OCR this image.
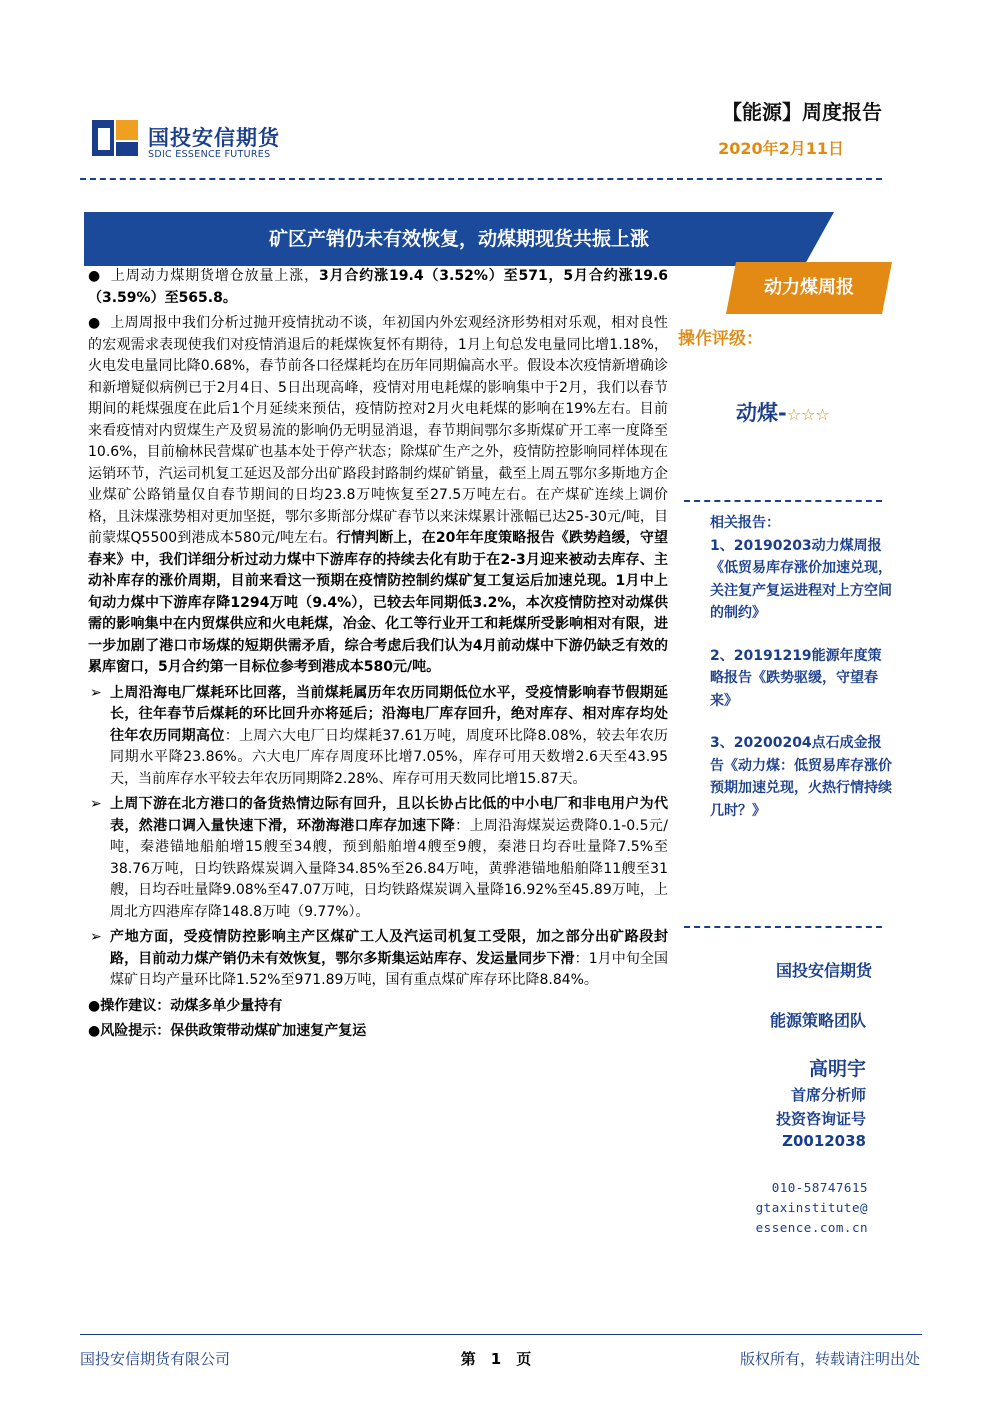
国投安信期货
SDIC ESSENCE FUTURES
【能源】周度报告
2020年2月11日
矿区产销仍未有效恢复，动煤期现货共振上涨
动力煤周报

● 上周动力煤期货增仓放量上涨，3月合约涨19.4（3.52%）至571，5月合约涨19.6（3.59%）至565.8。

● 上周周报中我们分析过抛开疫情扰动不谈，年初国内外宏观经济形势相对乐观，相对良性的宏观需求表现使我们对疫情消退后的耗煤恢复怀有期待，1月上旬总发电量同比增1.18%，火电发电量同比降0.68%，春节前各口径煤耗均在历年同期偏高水平。假设本次疫情新增确诊和新增疑似病例已于2月4日、5日出现高峰，疫情对用电耗煤的影响集中于2月，我们以春节期间的耗煤强度在此后1个月延续来预估，疫情防控对2月火电耗煤的影响在19%左右。目前来看疫情对内贸煤生产及贸易流的影响仍无明显消退，春节期间鄂尔多斯煤矿开工率一度降至10.6%，目前榆林民营煤矿也基本处于停产状态；除煤矿生产之外，疫情防控影响同样体现在运销环节，汽运司机复工延迟及部分出矿路段封路制约煤矿销量，截至上周五鄂尔多斯地方企业煤矿公路销量仅自春节期间的日均23.8万吨恢复至27.5万吨左右。在产煤矿连续上调价格，且沫煤涨势相对更加坚挺，鄂尔多斯部分煤矿春节以来沫煤累计涨幅已达25-30元/吨，目前蒙煤Q5500到港成本580元/吨左右。行情判断上，在20年年度策略报告《跌势趋缓，守望春来》中，我们详细分析过动力煤中下游库存的持续去化有助于在2-3月迎来被动去库存、主动补库存的涨价周期，目前来看这一预期在疫情防控制约煤矿复工复运后加速兑现。1月中上旬动力煤中下游库存降1294万吨（9.4%），已较去年同期低3.2%，本次疫情防控对动煤供需的影响集中在内贸煤供应和火电耗煤，冶金、化工等行业开工和耗煤所受影响相对有限，进一步加剧了港口市场煤的短期供需矛盾，综合考虑后我们认为4月前动煤中下游仍缺乏有效的累库窗口，5月合约第一目标位参考到港成本580元/吨。

➢ 上周沿海电厂煤耗环比回落，当前煤耗属历年农历同期低位水平，受疫情影响春节假期延长，往年春节后煤耗的环比回升亦将延后；沿海电厂库存回升，绝对库存、相对库存均处往年农历同期高位：上周六大电厂日均煤耗37.61万吨，周度环比降8.08%，较去年农历同期水平降23.86%。六大电厂库存周度环比增7.05%，库存可用天数增2.6天至43.95天，当前库存水平较去年农历同期降2.28%、库存可用天数同比增15.87天。
➢ 上周下游在北方港口的备货热情边际有回升，且以长协占比低的中小电厂和非电用户为代表，然港口调入量快速下滑，环渤海港口库存加速下降：上周沿海煤炭运费降0.1-0.5元/吨，秦港锚地船舶增15艘至34艘，预到船舶增4艘至9艘，秦港日均吞吐量降7.5%至38.76万吨，日均铁路煤炭调入量降34.85%至26.84万吨，黄骅港锚地船舶降11艘至31艘，日均吞吐量降9.08%至47.07万吨，日均铁路煤炭调入量降16.92%至45.89万吨，上周北方四港库存降148.8万吨（9.77%）。
➢ 产地方面，受疫情防控影响主产区煤矿工人及汽运司机复工受限，加之部分出矿路段封路，目前动力煤产销仍未有效恢复，鄂尔多斯集运站库存、发运量同步下滑：1月中旬全国煤矿日均产量环比降1.52%至971.89万吨，国有重点煤矿库存环比降8.84%。

●操作建议：动煤多单少量持有

●风险提示：保供政策带动煤矿加速复产复运

操作评级：
动煤-☆☆☆

相关报告：

1、20190203动力煤周报《低贸易库存涨价加速兑现，关注复产复运进程对上方空间的制约》

2、20191219能源年度策略报告《跌势驱缓，守望春来》

3、20200204点石成金报告《动力煤：低贸易库存涨价预期加速兑现，火热行情持续几时？》

国投安信期货
能源策略团队
高明宇
首席分析师
投资咨询证号
Z0012038
010-58747615
gtaxinstitute@
essence.com.cn
国投安信期货有限公司	第　1　页	版权所有，转载请注明出处
